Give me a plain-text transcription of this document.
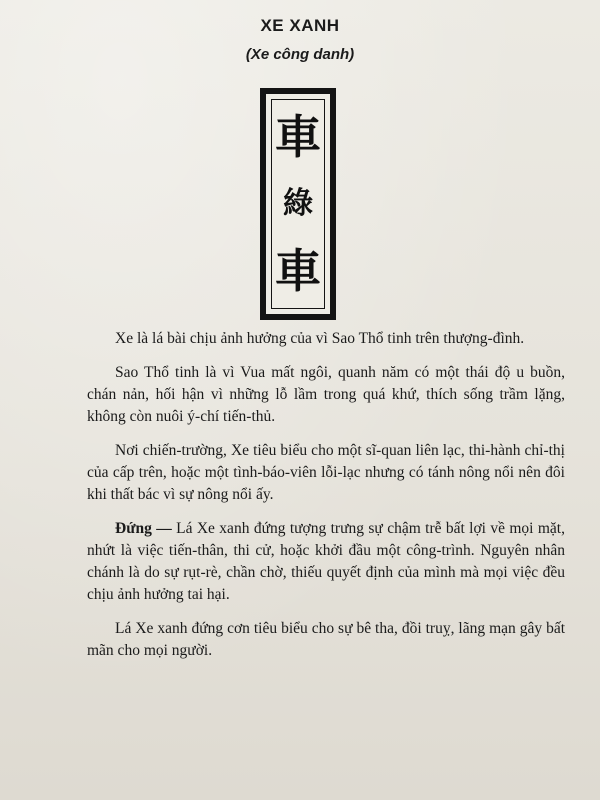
XE XANH
(Xe công danh)
車
綠
車

Xe là lá bài chịu ảnh hưởng của vì Sao Thổ tinh trên thượng-đình.

Sao Thổ tinh là vì Vua mất ngôi, quanh năm có một thái độ u buồn, chán nản, hối hận vì những lỗ lầm trong quá khứ, thích sống trầm lặng, không còn nuôi ý-chí tiến-thủ.

Nơi chiến-trường, Xe tiêu biểu cho một sĩ-quan liên lạc, thi-hành chỉ-thị của cấp trên, hoặc một tình-báo-viên lỗi-lạc nhưng có tánh nông nổi nên đôi khi thất bác vì sự nông nổi ấy.

Đứng — Lá Xe xanh đứng tượng trưng sự chậm trễ bất lợi về mọi mặt, nhứt là việc tiến-thân, thi cử, hoặc khởi đầu một công-trình. Nguyên nhân chánh là do sự rụt-rè, chần chờ, thiếu quyết định của mình mà mọi việc đều chịu ảnh hưởng tai hại.

Lá Xe xanh đứng cơn tiêu biểu cho sự bê tha, đồi truỵ, lãng mạn gây bất mãn cho mọi người.
